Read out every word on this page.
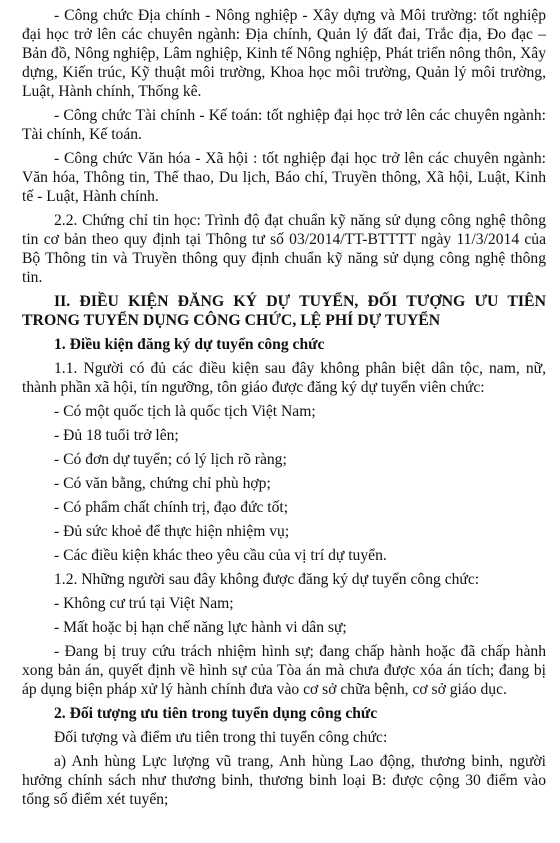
- Công chức Địa chính - Nông nghiệp - Xây dựng và Môi trường: tốt nghiệp đại học trở lên các chuyên ngành: Địa chính, Quản lý đất đai, Trắc địa, Đo đạc – Bản đồ, Nông nghiệp, Lâm nghiệp, Kinh tế Nông nghiệp, Phát triển nông thôn, Xây dựng, Kiến trúc, Kỹ thuật môi trường, Khoa học môi trường, Quản lý môi trường, Luật, Hành chính, Thống kê.

- Công chức Tài chính - Kế toán: tốt nghiệp đại học trở lên các chuyên ngành: Tài chính, Kế toán.

- Công chức Văn hóa - Xã hội : tốt nghiệp đại học trở lên các chuyên ngành: Văn hóa, Thông tin, Thể thao, Du lịch, Báo chí, Truyền thông, Xã hội, Luật, Kinh tế - Luật, Hành chính.

2.2. Chứng chỉ tin học: Trình độ đạt chuẩn kỹ năng sử dụng công nghệ thông tin cơ bản theo quy định tại Thông tư số 03/2014/TT-BTTTT ngày 11/3/2014 của Bộ Thông tin và Truyền thông quy định chuẩn kỹ năng sử dụng công nghệ thông tin.

II. ĐIỀU KIỆN ĐĂNG KÝ DỰ TUYỂN, ĐỐI TƯỢNG ƯU TIÊN TRONG TUYỂN DỤNG CÔNG CHỨC, LỆ PHÍ DỰ TUYỂN

1. Điều kiện đăng ký dự tuyển công chức

1.1. Người có đủ các điều kiện sau đây không phân biệt dân tộc, nam, nữ, thành phần xã hội, tín ngưỡng, tôn giáo được đăng ký dự tuyển viên chức:

- Có một quốc tịch là quốc tịch Việt Nam;

- Đủ 18 tuổi trở lên;

- Có đơn dự tuyển; có lý lịch rõ ràng;

- Có văn bằng, chứng chỉ phù hợp;

- Có phẩm chất chính trị, đạo đức tốt;

- Đủ sức khoẻ để thực hiện nhiệm vụ;

- Các điều kiện khác theo yêu cầu của vị trí dự tuyển.

1.2. Những người sau đây không được đăng ký dự tuyển công chức:

- Không cư trú tại Việt Nam;

- Mất hoặc bị hạn chế năng lực hành vi dân sự;

- Đang bị truy cứu trách nhiệm hình sự; đang chấp hành hoặc đã chấp hành xong bản án, quyết định về hình sự của Tòa án mà chưa được xóa án tích; đang bị áp dụng biện pháp xử lý hành chính đưa vào cơ sở chữa bệnh, cơ sở giáo dục.

2. Đối tượng ưu tiên trong tuyển dụng công chức

Đối tượng và điểm ưu tiên trong thi tuyển công chức:

a) Anh hùng Lực lượng vũ trang, Anh hùng Lao động, thương binh, người hưởng chính sách như thương binh, thương binh loại B: được cộng 30 điểm vào tổng số điểm xét tuyển;
